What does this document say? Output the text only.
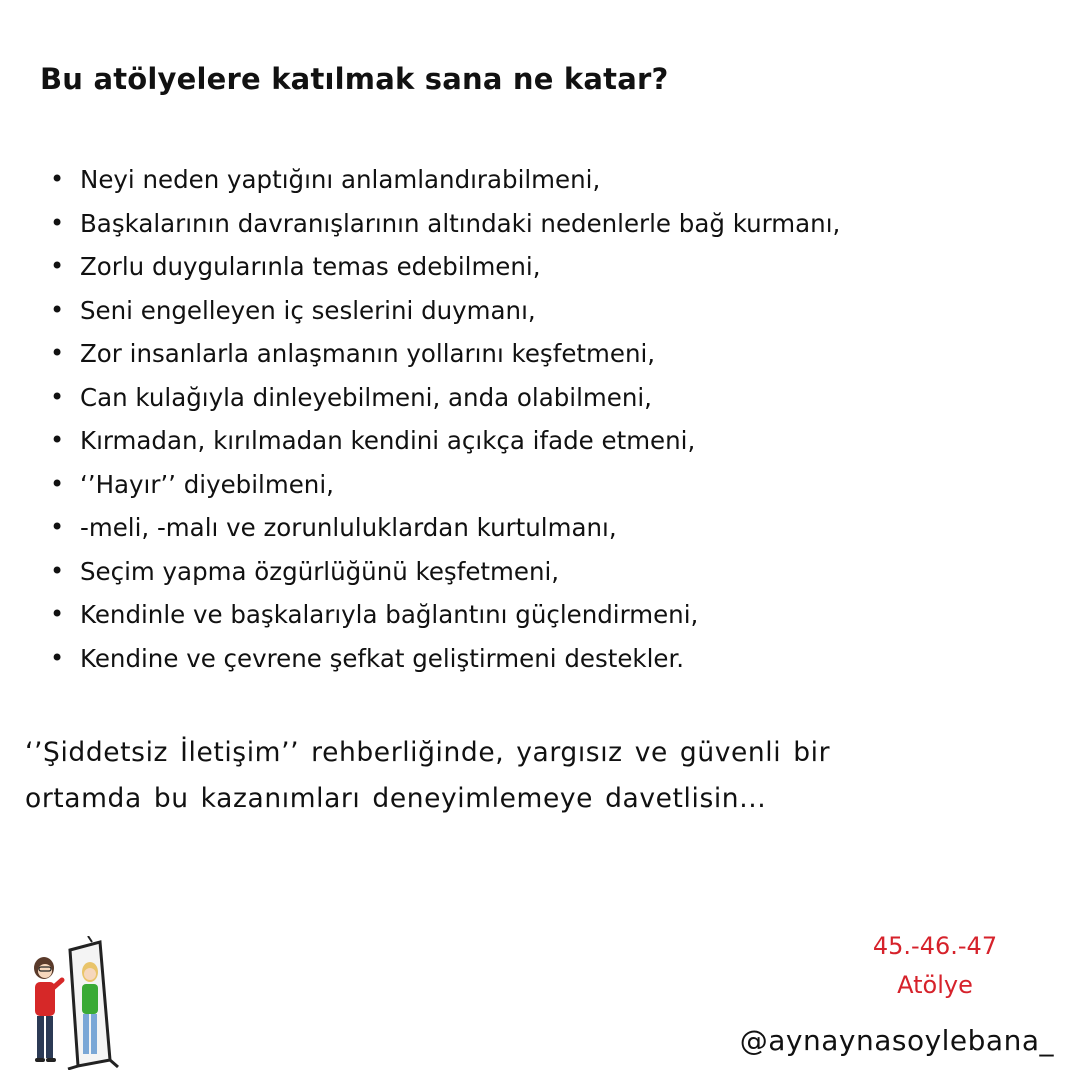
Bu atölyelere katılmak sana ne katar?
• Neyi neden yaptığını anlamlandırabilmeni,
• Başkalarının davranışlarının altındaki nedenlerle bağ kurmanı,
• Zorlu duygularınla temas edebilmeni,
• Seni engelleyen iç seslerini duymanı,
• Zor insanlarla anlaşmanın yollarını keşfetmeni,
• Can kulağıyla dinleyebilmeni, anda olabilmeni,
• Kırmadan, kırılmadan kendini açıkça ifade etmeni,
• ‘’Hayır’’ diyebilmeni,
• -meli, -malı ve zorunluluklardan kurtulmanı,
• Seçim yapma özgürlüğünü keşfetmeni,
• Kendinle ve başkalarıyla bağlantını güçlendirmeni,
• Kendine ve çevrene şefkat geliştirmeni destekler.

‘’Şiddetsiz İletişim’’ rehberliğinde, yargısız ve güvenli bir
ortamda bu kazanımları deneyimlemeye davetlisin...

45.-46.-47
Atölye
@aynaynasoylebana_
